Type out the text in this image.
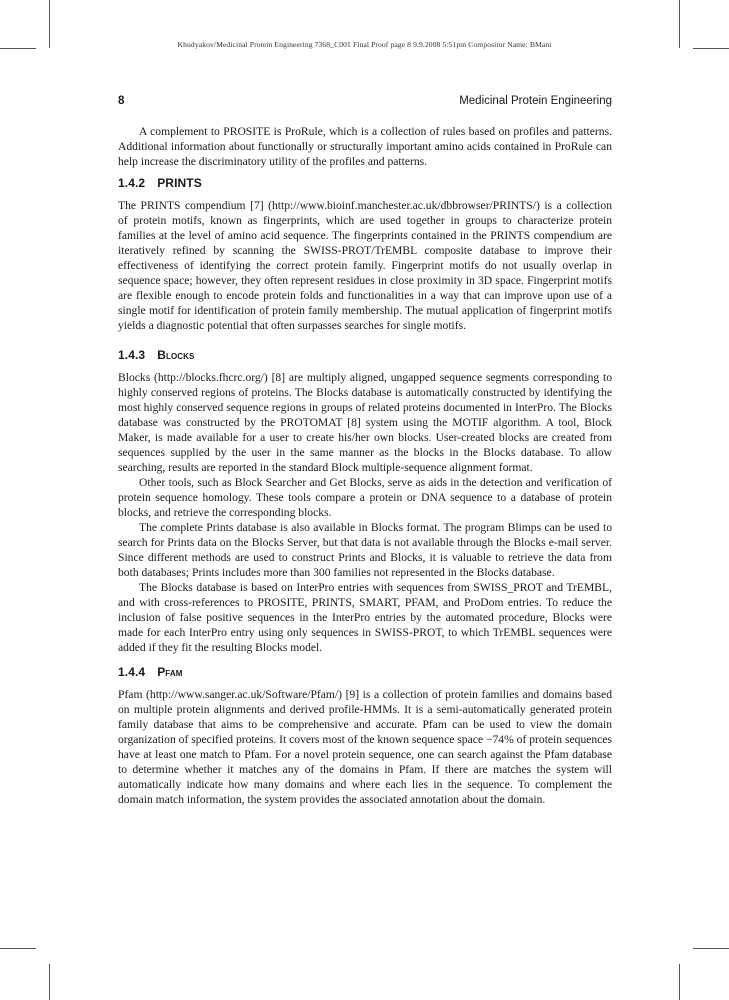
Khudyakov/Medicinal Protein Engineering 7368_C001 Final Proof page 8 9.9.2008 5:51pm Compositor Name: BMani
8	Medicinal Protein Engineering

A complement to PROSITE is ProRule, which is a collection of rules based on profiles and patterns. Additional information about functionally or structurally important amino acids contained in ProRule can help increase the discriminatory utility of the profiles and patterns.

1.4.2 PRINTS

The PRINTS compendium [7] (http://www.bioinf.manchester.ac.uk/dbbrowser/PRINTS/) is a collection of protein motifs, known as fingerprints, which are used together in groups to characterize protein families at the level of amino acid sequence. The fingerprints contained in the PRINTS compendium are iteratively refined by scanning the SWISS-PROT/TrEMBL composite database to improve their effectiveness of identifying the correct protein family. Fingerprint motifs do not usually overlap in sequence space; however, they often represent residues in close proximity in 3D space. Fingerprint motifs are flexible enough to encode protein folds and functionalities in a way that can improve upon use of a single motif for identification of protein family membership. The mutual application of fingerprint motifs yields a diagnostic potential that often surpasses searches for single motifs.

1.4.3 Blocks

Blocks (http://blocks.fhcrc.org/) [8] are multiply aligned, ungapped sequence segments corresponding to highly conserved regions of proteins. The Blocks database is automatically constructed by identifying the most highly conserved sequence regions in groups of related proteins documented in InterPro. The Blocks database was constructed by the PROTOMAT [8] system using the MOTIF algorithm. A tool, Block Maker, is made available for a user to create his/her own blocks. User-created blocks are created from sequences supplied by the user in the same manner as the blocks in the Blocks database. To allow searching, results are reported in the standard Block multiple-sequence alignment format.

Other tools, such as Block Searcher and Get Blocks, serve as aids in the detection and verification of protein sequence homology. These tools compare a protein or DNA sequence to a database of protein blocks, and retrieve the corresponding blocks.

The complete Prints database is also available in Blocks format. The program Blimps can be used to search for Prints data on the Blocks Server, but that data is not available through the Blocks e-mail server. Since different methods are used to construct Prints and Blocks, it is valuable to retrieve the data from both databases; Prints includes more than 300 families not represented in the Blocks database.

The Blocks database is based on InterPro entries with sequences from SWISS_PROT and TrEMBL, and with cross-references to PROSITE, PRINTS, SMART, PFAM, and ProDom entries. To reduce the inclusion of false positive sequences in the InterPro entries by the automated procedure, Blocks were made for each InterPro entry using only sequences in SWISS-PROT, to which TrEMBL sequences were added if they fit the resulting Blocks model.

1.4.4 Pfam

Pfam (http://www.sanger.ac.uk/Software/Pfam/) [9] is a collection of protein families and domains based on multiple protein alignments and derived profile-HMMs. It is a semi-automatically generated protein family database that aims to be comprehensive and accurate. Pfam can be used to view the domain organization of specified proteins. It covers most of the known sequence space −74% of protein sequences have at least one match to Pfam. For a novel protein sequence, one can search against the Pfam database to determine whether it matches any of the domains in Pfam. If there are matches the system will automatically indicate how many domains and where each lies in the sequence. To complement the domain match information, the system provides the associated annotation about the domain.
